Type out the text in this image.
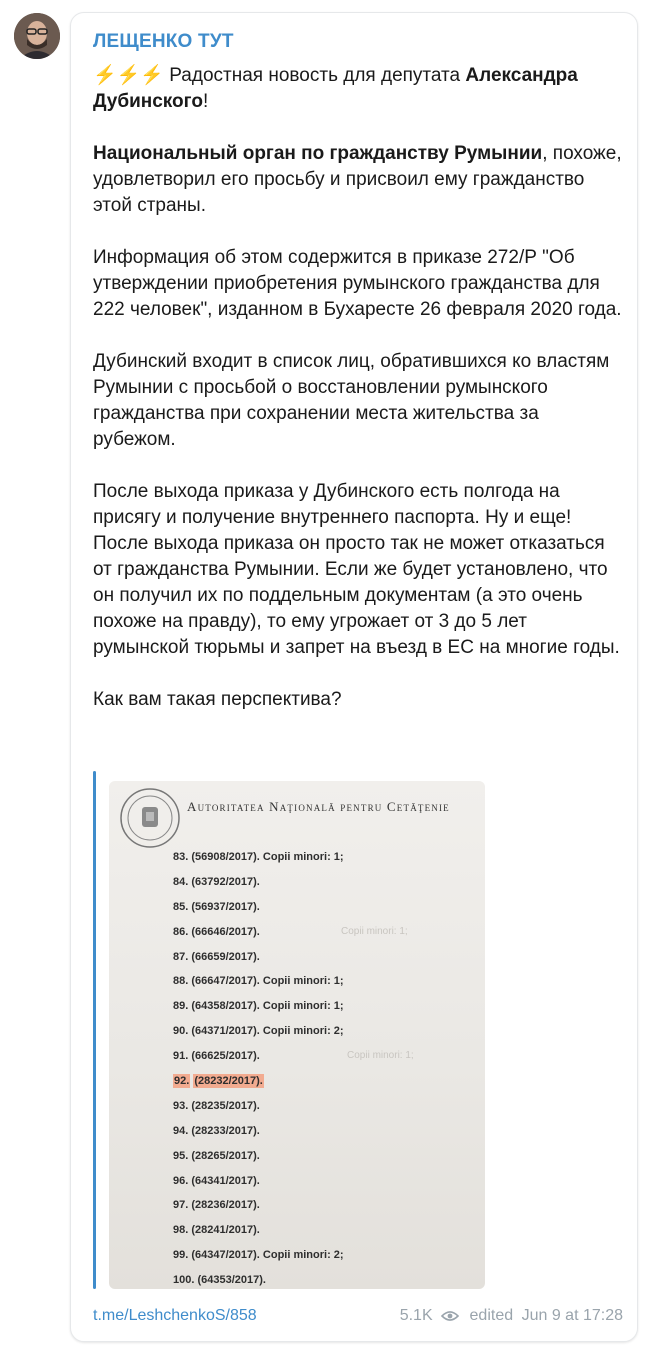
ЛЕЩЕНКО ТУТ

⚡⚡⚡ Радостная новость для депутата Александра Дубинского!

Национальный орган по гражданству Румынии, похоже, удовлетворил его просьбу и присвоил ему гражданство этой страны.

Информация об этом содержится в приказе 272/Р "Об утверждении приобретения румынского гражданства для 222 человек", изданном в Бухаресте 26 февраля 2020 года.

Дубинский входит в список лиц, обратившихся ко властям Румынии с просьбой о восстановлении румынского гражданства при сохранении места жительства за рубежом.

После выхода приказа у Дубинского есть полгода на присягу и получение внутреннего паспорта. Ну и еще! После выхода приказа он просто так не может отказаться от гражданства Румынии. Если же будет установлено, что он получил их по поддельным документам (а это очень похоже на правду), то ему угрожает от 3 до 5 лет румынской тюрьмы и запрет на въезд в ЕС на многие годы.

Как вам такая перспектива?

Autoritatea Naţională pentru Cetăţenie
83. (56908/2017). Copii minori: 1;
84. (63792/2017).
85. (56937/2017).
86. (66646/2017).	Copii minori: 1;
87. (66659/2017).
88. (66647/2017). Copii minori: 1;
89. (64358/2017). Copii minori: 1;
90. (64371/2017). Copii minori: 2;
91. (66625/2017).	Copii minori: 1;
92. (28232/2017).
93. (28235/2017).
94. (28233/2017).
95. (28265/2017).
96. (64341/2017).
97. (28236/2017).
98. (28241/2017).
99. (64347/2017). Copii minori: 2;
100. (64353/2017).
t.me/LeshchenkoS/858	5.1K edited Jun 9 at 17:28
